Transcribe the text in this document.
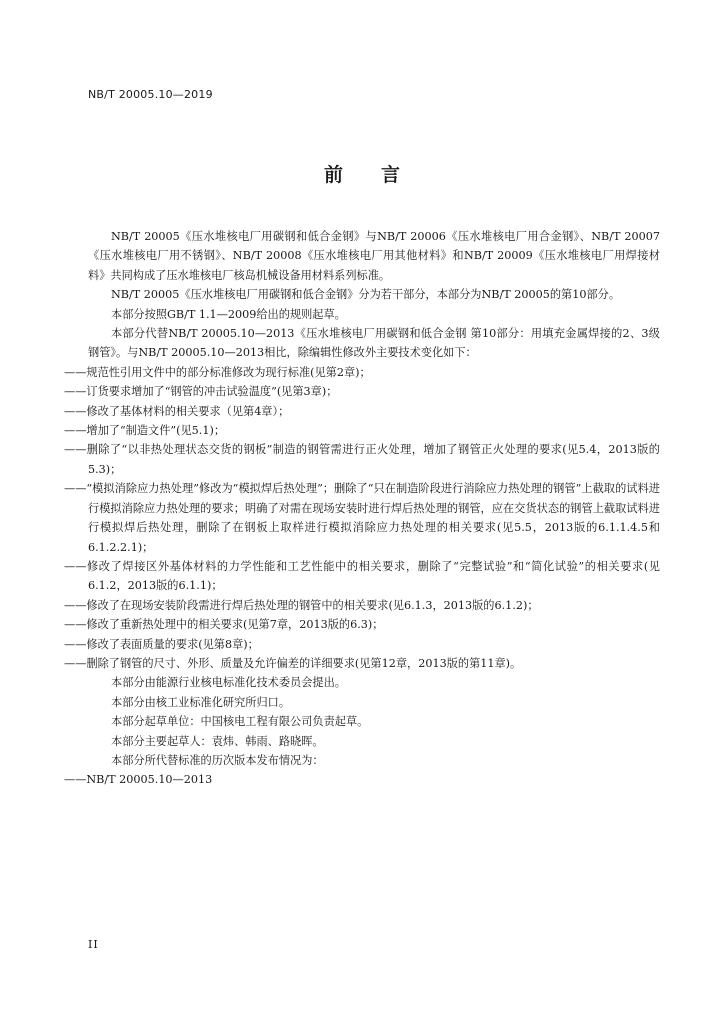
NB/T 20005.10—2019
前言

NB/T 20005《压水堆核电厂用碳钢和低合金钢》与NB/T 20006《压水堆核电厂用合金钢》、NB/T 20007《压水堆核电厂用不锈钢》、NB/T 20008《压水堆核电厂用其他材料》和NB/T 20009《压水堆核电厂用焊接材料》共同构成了压水堆核电厂核岛机械设备用材料系列标准。

NB/T 20005《压水堆核电厂用碳钢和低合金钢》分为若干部分，本部分为NB/T 20005的第10部分。

本部分按照GB/T 1.1—2009给出的规则起草。

本部分代替NB/T 20005.10—2013《压水堆核电厂用碳钢和低合金钢 第10部分：用填充金属焊接的2、3级钢管》。与NB/T 20005.10—2013相比，除编辑性修改外主要技术变化如下：

——规范性引用文件中的部分标准修改为现行标准(见第2章)；

——订货要求增加了“钢管的冲击试验温度”(见第3章)；

——修改了基体材料的相关要求（见第4章）；

——增加了“制造文件”(见5.1)；

——删除了“以非热处理状态交货的钢板”制造的钢管需进行正火处理，增加了钢管正火处理的要求(见5.4，2013版的5.3)；

——“模拟消除应力热处理”修改为“模拟焊后热处理”；删除了“只在制造阶段进行消除应力热处理的钢管”上截取的试料进行模拟消除应力热处理的要求；明确了对需在现场安装时进行焊后热处理的钢管，应在交货状态的钢管上截取试料进行模拟焊后热处理，删除了在钢板上取样进行模拟消除应力热处理的相关要求(见5.5，2013版的6.1.1.4.5和6.1.2.2.1)；

——修改了焊接区外基体材料的力学性能和工艺性能中的相关要求，删除了“完整试验”和“简化试验”的相关要求(见6.1.2，2013版的6.1.1)；

——修改了在现场安装阶段需进行焊后热处理的钢管中的相关要求(见6.1.3，2013版的6.1.2)；

——修改了重新热处理中的相关要求(见第7章，2013版的6.3)；

——修改了表面质量的要求(见第8章)；

——删除了钢管的尺寸、外形、质量及允许偏差的详细要求(见第12章，2013版的第11章)。

本部分由能源行业核电标准化技术委员会提出。

本部分由核工业标准化研究所归口。

本部分起草单位：中国核电工程有限公司负责起草。

本部分主要起草人：袁炜、韩雨、路晓晖。

本部分所代替标准的历次版本发布情况为：

——NB/T 20005.10—2013

II
